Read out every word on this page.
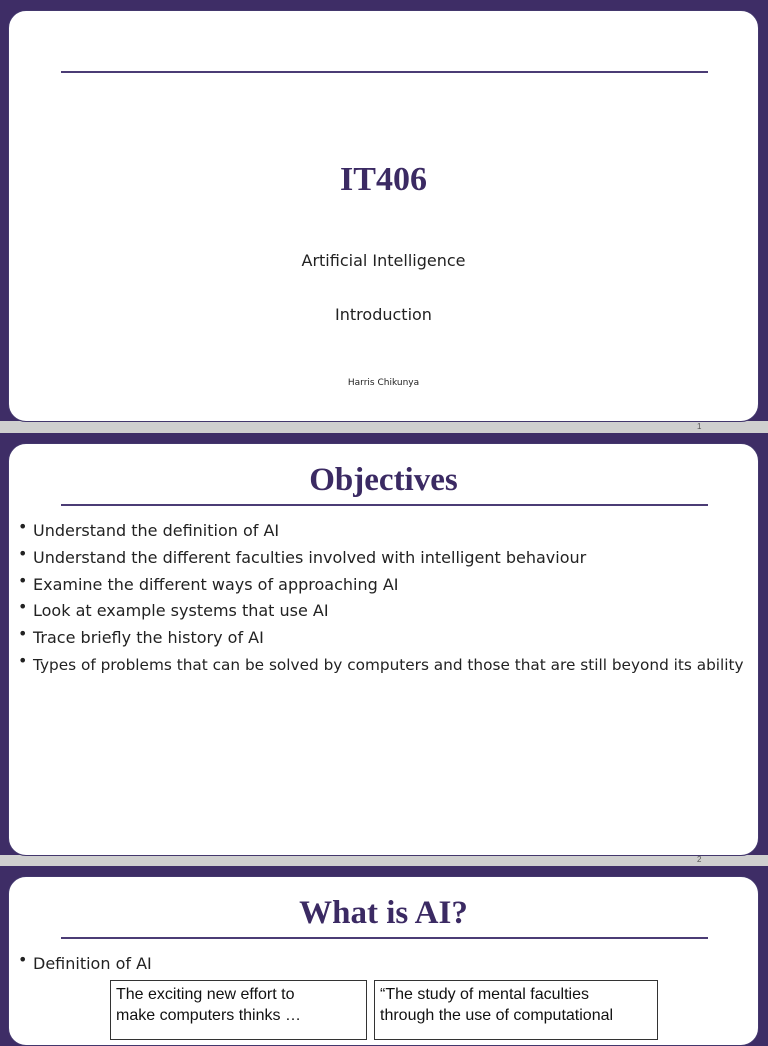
IT406
Artificial Intelligence
Introduction
Harris Chikunya
1
Objectives
• Understand the definition of AI
• Understand the different faculties involved with intelligent behaviour
• Examine the different ways of approaching AI
• Look at example systems that use AI
• Trace briefly the history of AI
• Types of problems that can be solved by computers and those that are still beyond its ability
2
What is AI?
• Definition of AI
The exciting new effort to
make computers thinks …
“The study of mental faculties
through the use of computational
